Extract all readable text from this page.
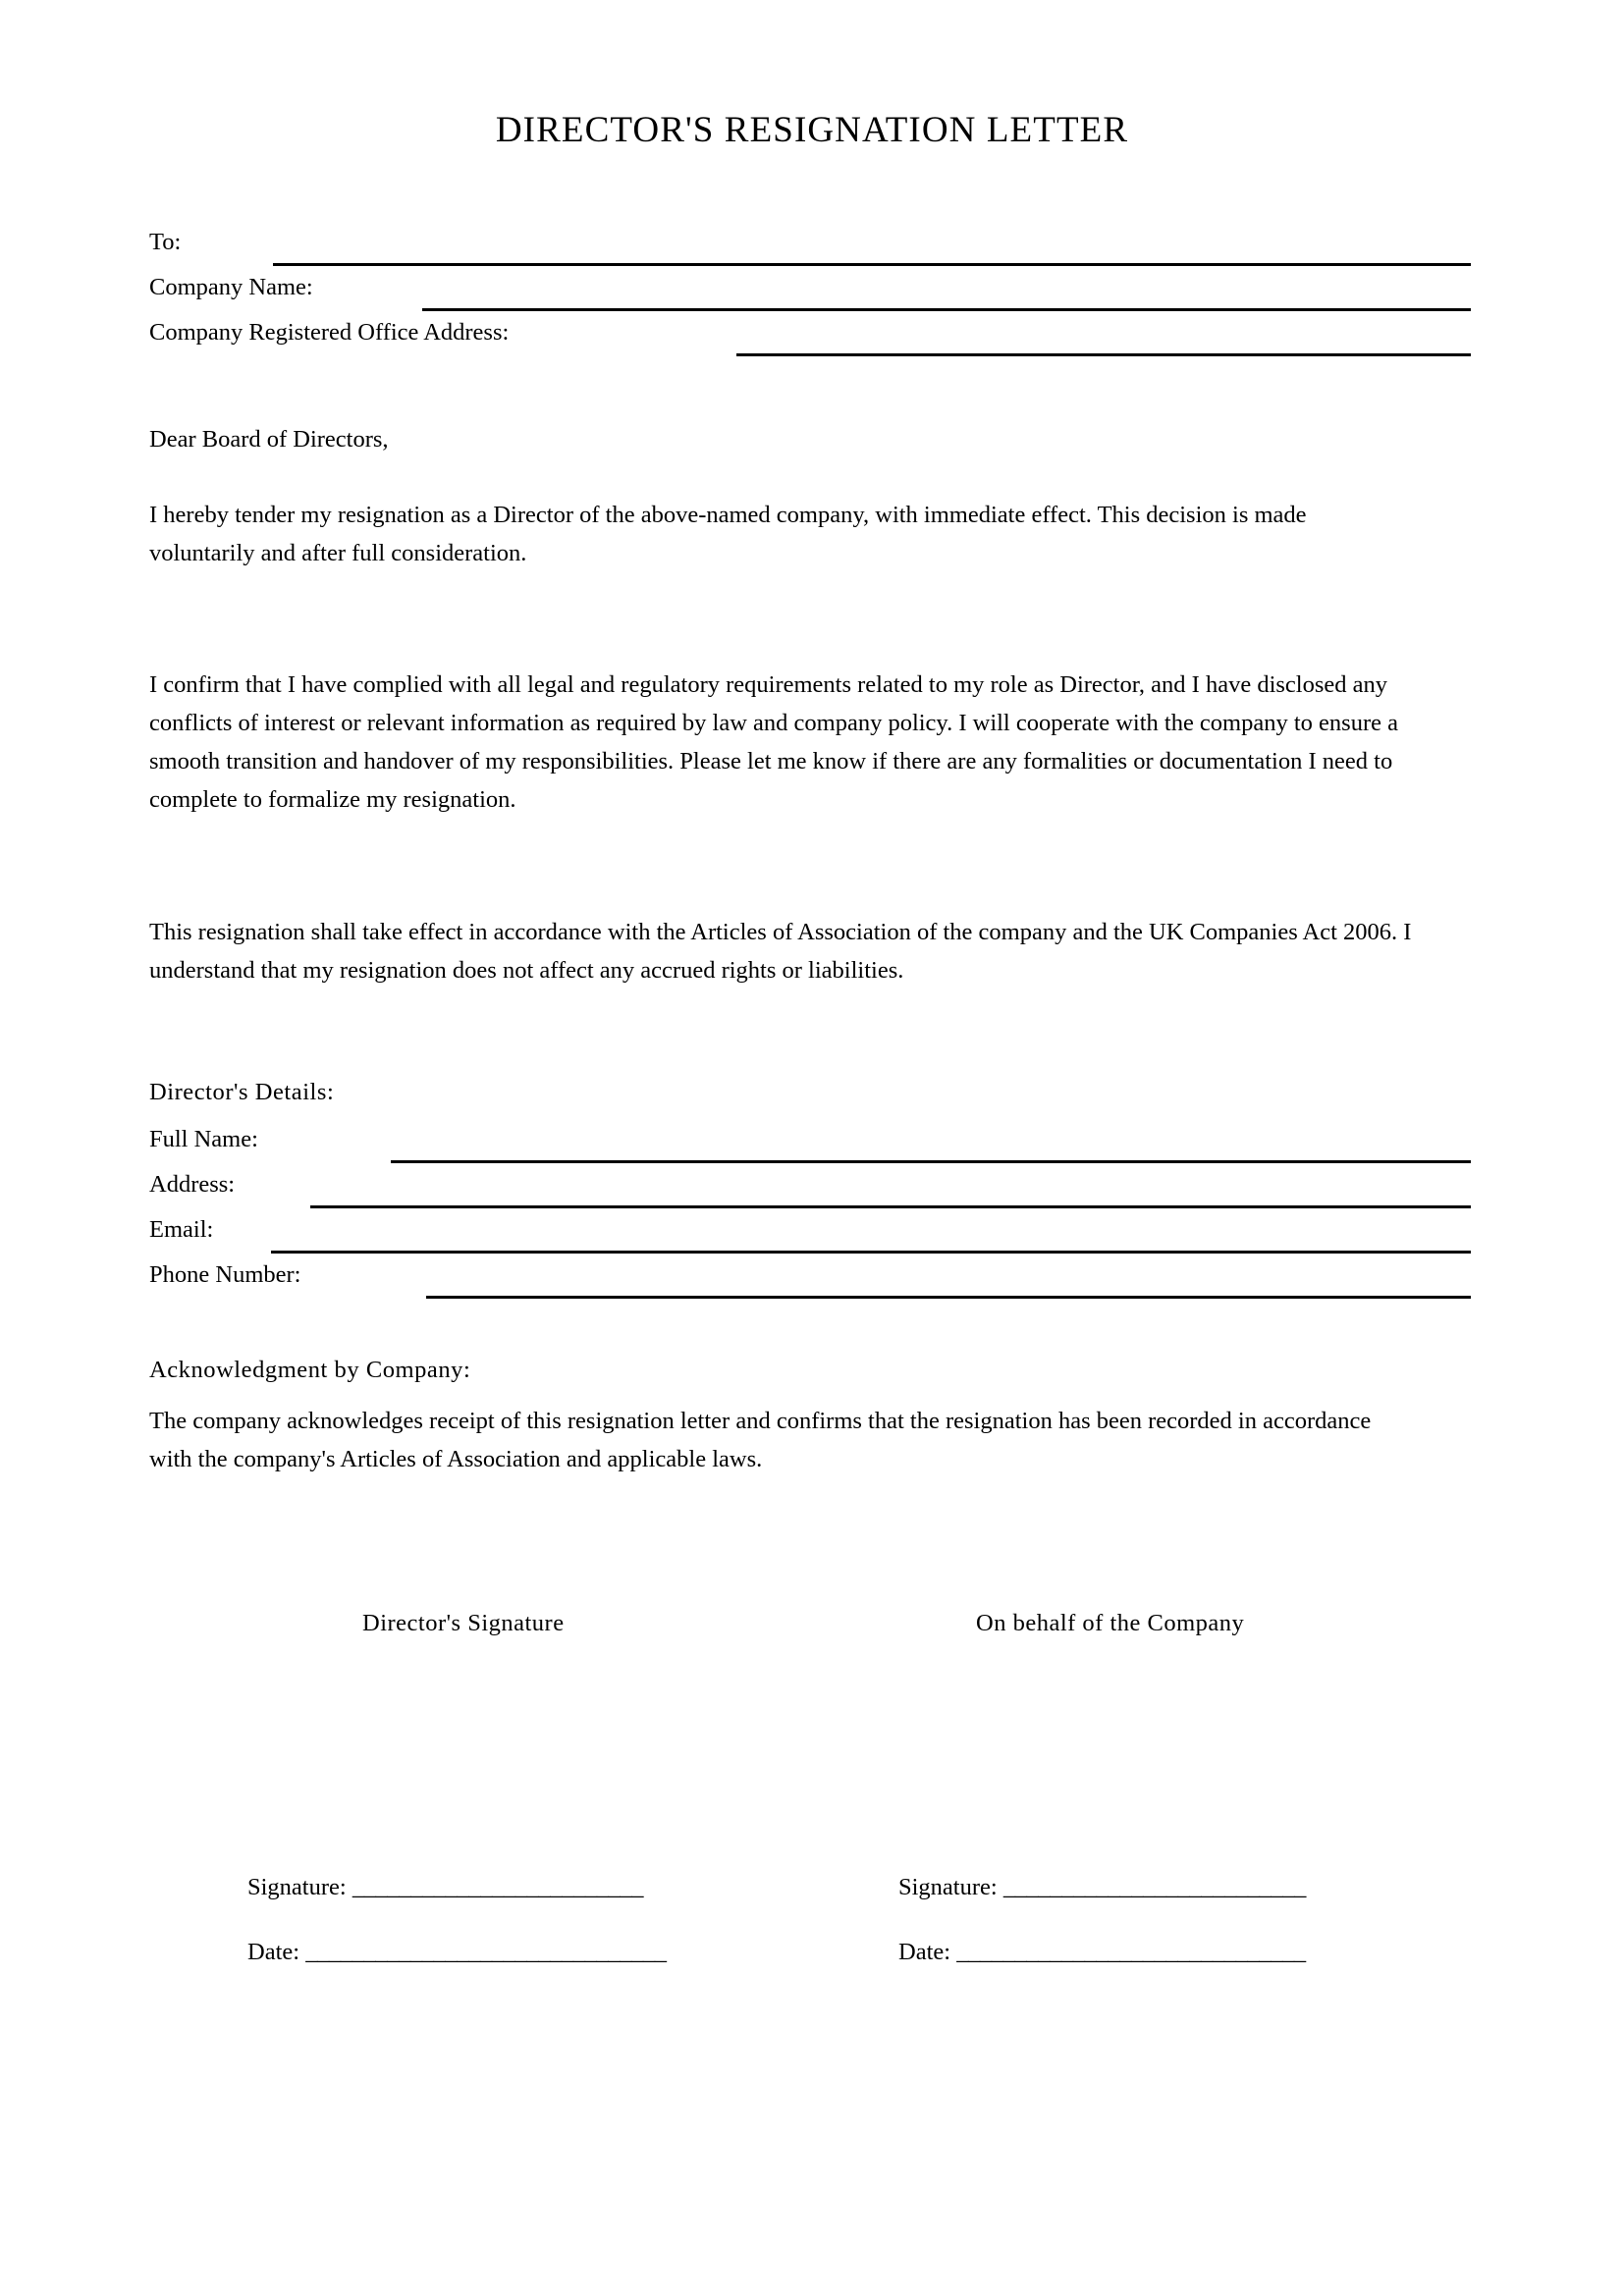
DIRECTOR'S RESIGNATION LETTER
To:
Company Name:
Company Registered Office Address:
Dear Board of Directors,
I hereby tender my resignation as a Director of the above-named company, with immediate effect. This decision is made voluntarily and after full consideration.
I confirm that I have complied with all legal and regulatory requirements related to my role as Director, and I have disclosed any conflicts of interest or relevant information as required by law and company policy. I will cooperate with the company to ensure a smooth transition and handover of my responsibilities. Please let me know if there are any formalities or documentation I need to complete to formalize my resignation.
This resignation shall take effect in accordance with the Articles of Association of the company and the UK Companies Act 2006. I understand that my resignation does not affect any accrued rights or liabilities.
Director's Details:
Full Name:
Address:
Email:
Phone Number:
Acknowledgment by Company:
The company acknowledges receipt of this resignation letter and confirms that the resignation has been recorded in accordance with the company's Articles of Association and applicable laws.
Director's Signature	On behalf of the Company
Signature: _________________________
Date: _______________________________
Signature: __________________________
Date: ______________________________
